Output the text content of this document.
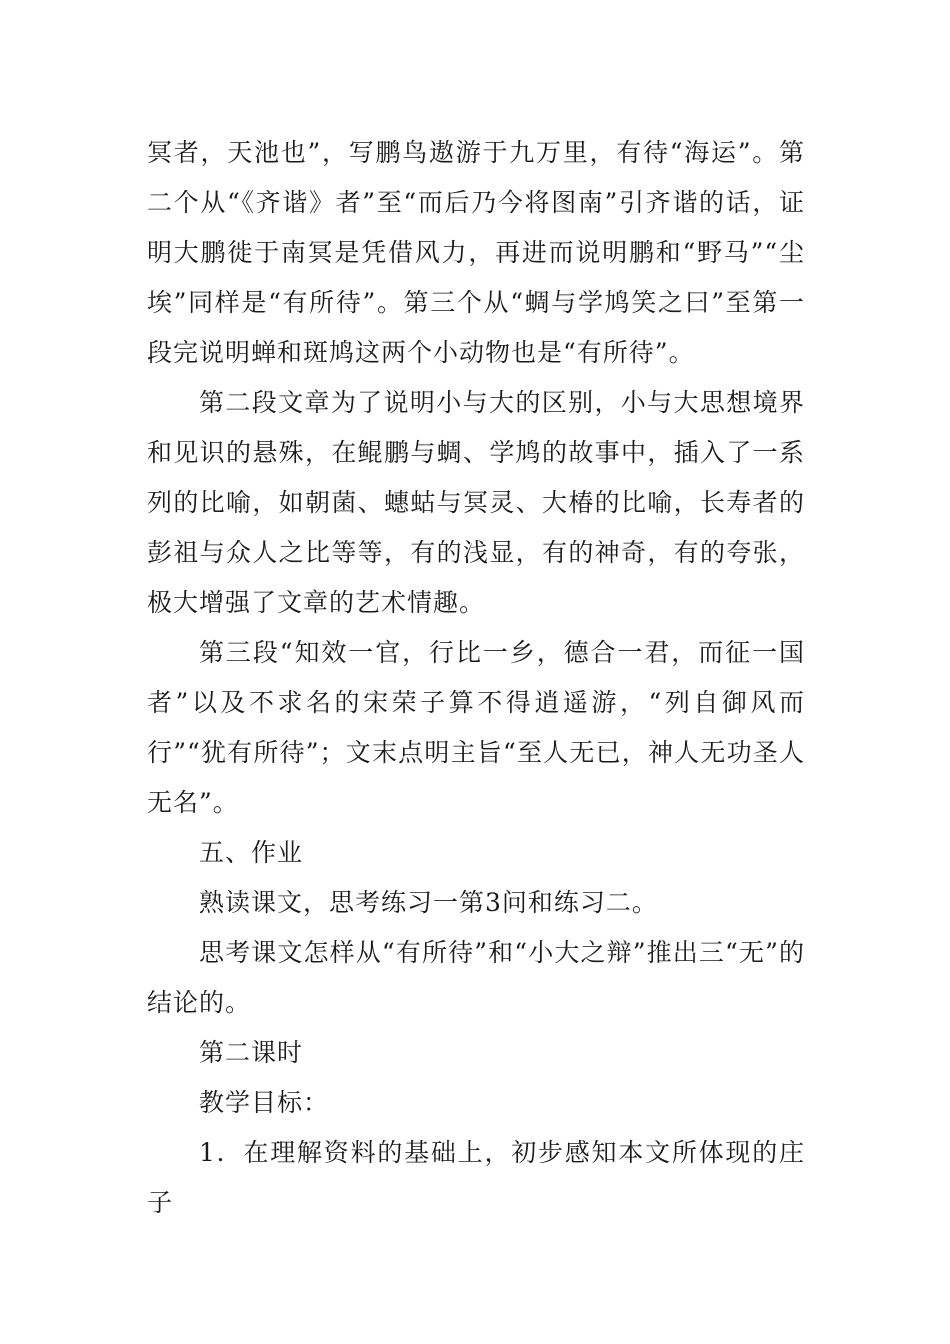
冥者，天池也”，写鹏鸟遨游于九万里，有待“海运”。第二个从“《齐谐》者”至“而后乃今将图南”引齐谐的话，证明大鹏徙于南冥是凭借风力，再进而说明鹏和“野马”“尘埃”同样是“有所待”。第三个从“蜩与学鸠笑之曰”至第一段完说明蝉和斑鸠这两个小动物也是“有所待”。

第二段文章为了说明小与大的区别，小与大思想境界和见识的悬殊，在鲲鹏与蜩、学鸠的故事中，插入了一系列的比喻，如朝菌、蟪蛄与冥灵、大椿的比喻，长寿者的彭祖与众人之比等等，有的浅显，有的神奇，有的夸张，极大增强了文章的艺术情趣。

第三段“知效一官，行比一乡，德合一君，而征一国者”以及不求名的宋荣子算不得逍遥游，“列自御风而行”“犹有所待”；文末点明主旨“至人无已，神人无功圣人无名”。

五、作业

熟读课文，思考练习一第3问和练习二。

思考课文怎样从“有所待”和“小大之辩”推出三“无”的结论的。

第二课时

教学目标：

1．在理解资料的基础上，初步感知本文所体现的庄子
